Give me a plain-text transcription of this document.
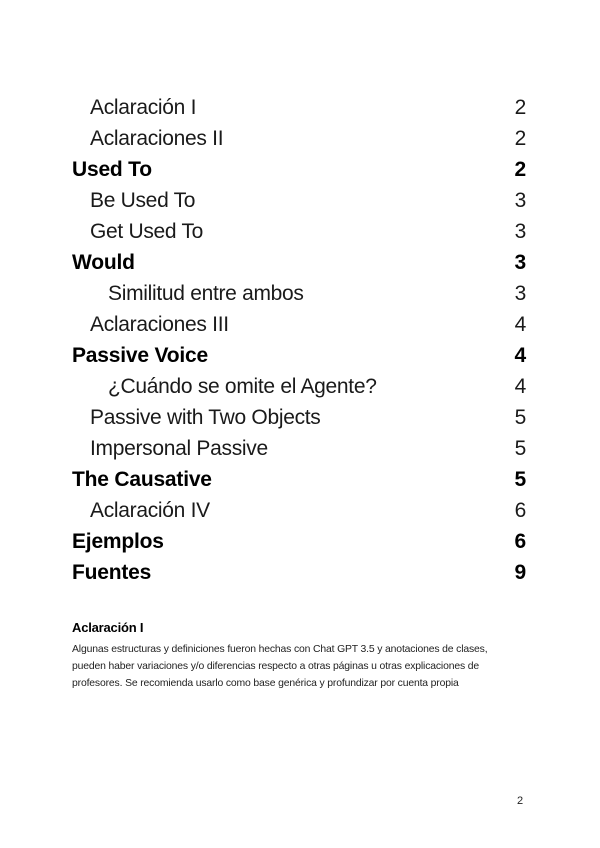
Aclaración I	2
Aclaraciones II	2
Used To	2
Be Used To	3
Get Used To	3
Would	3
Similitud entre ambos	3
Aclaraciones III	4
Passive Voice	4
¿Cuándo se omite el Agente?	4
Passive with Two Objects	5
Impersonal Passive	5
The Causative	5
Aclaración IV	6
Ejemplos	6
Fuentes	9
Aclaración I
Algunas estructuras y definiciones fueron hechas con Chat GPT 3.5 y anotaciones de clases,
pueden haber variaciones y/o diferencias respecto a otras páginas u otras explicaciones de
profesores. Se recomienda usarlo como base genérica y profundizar por cuenta propia
2
